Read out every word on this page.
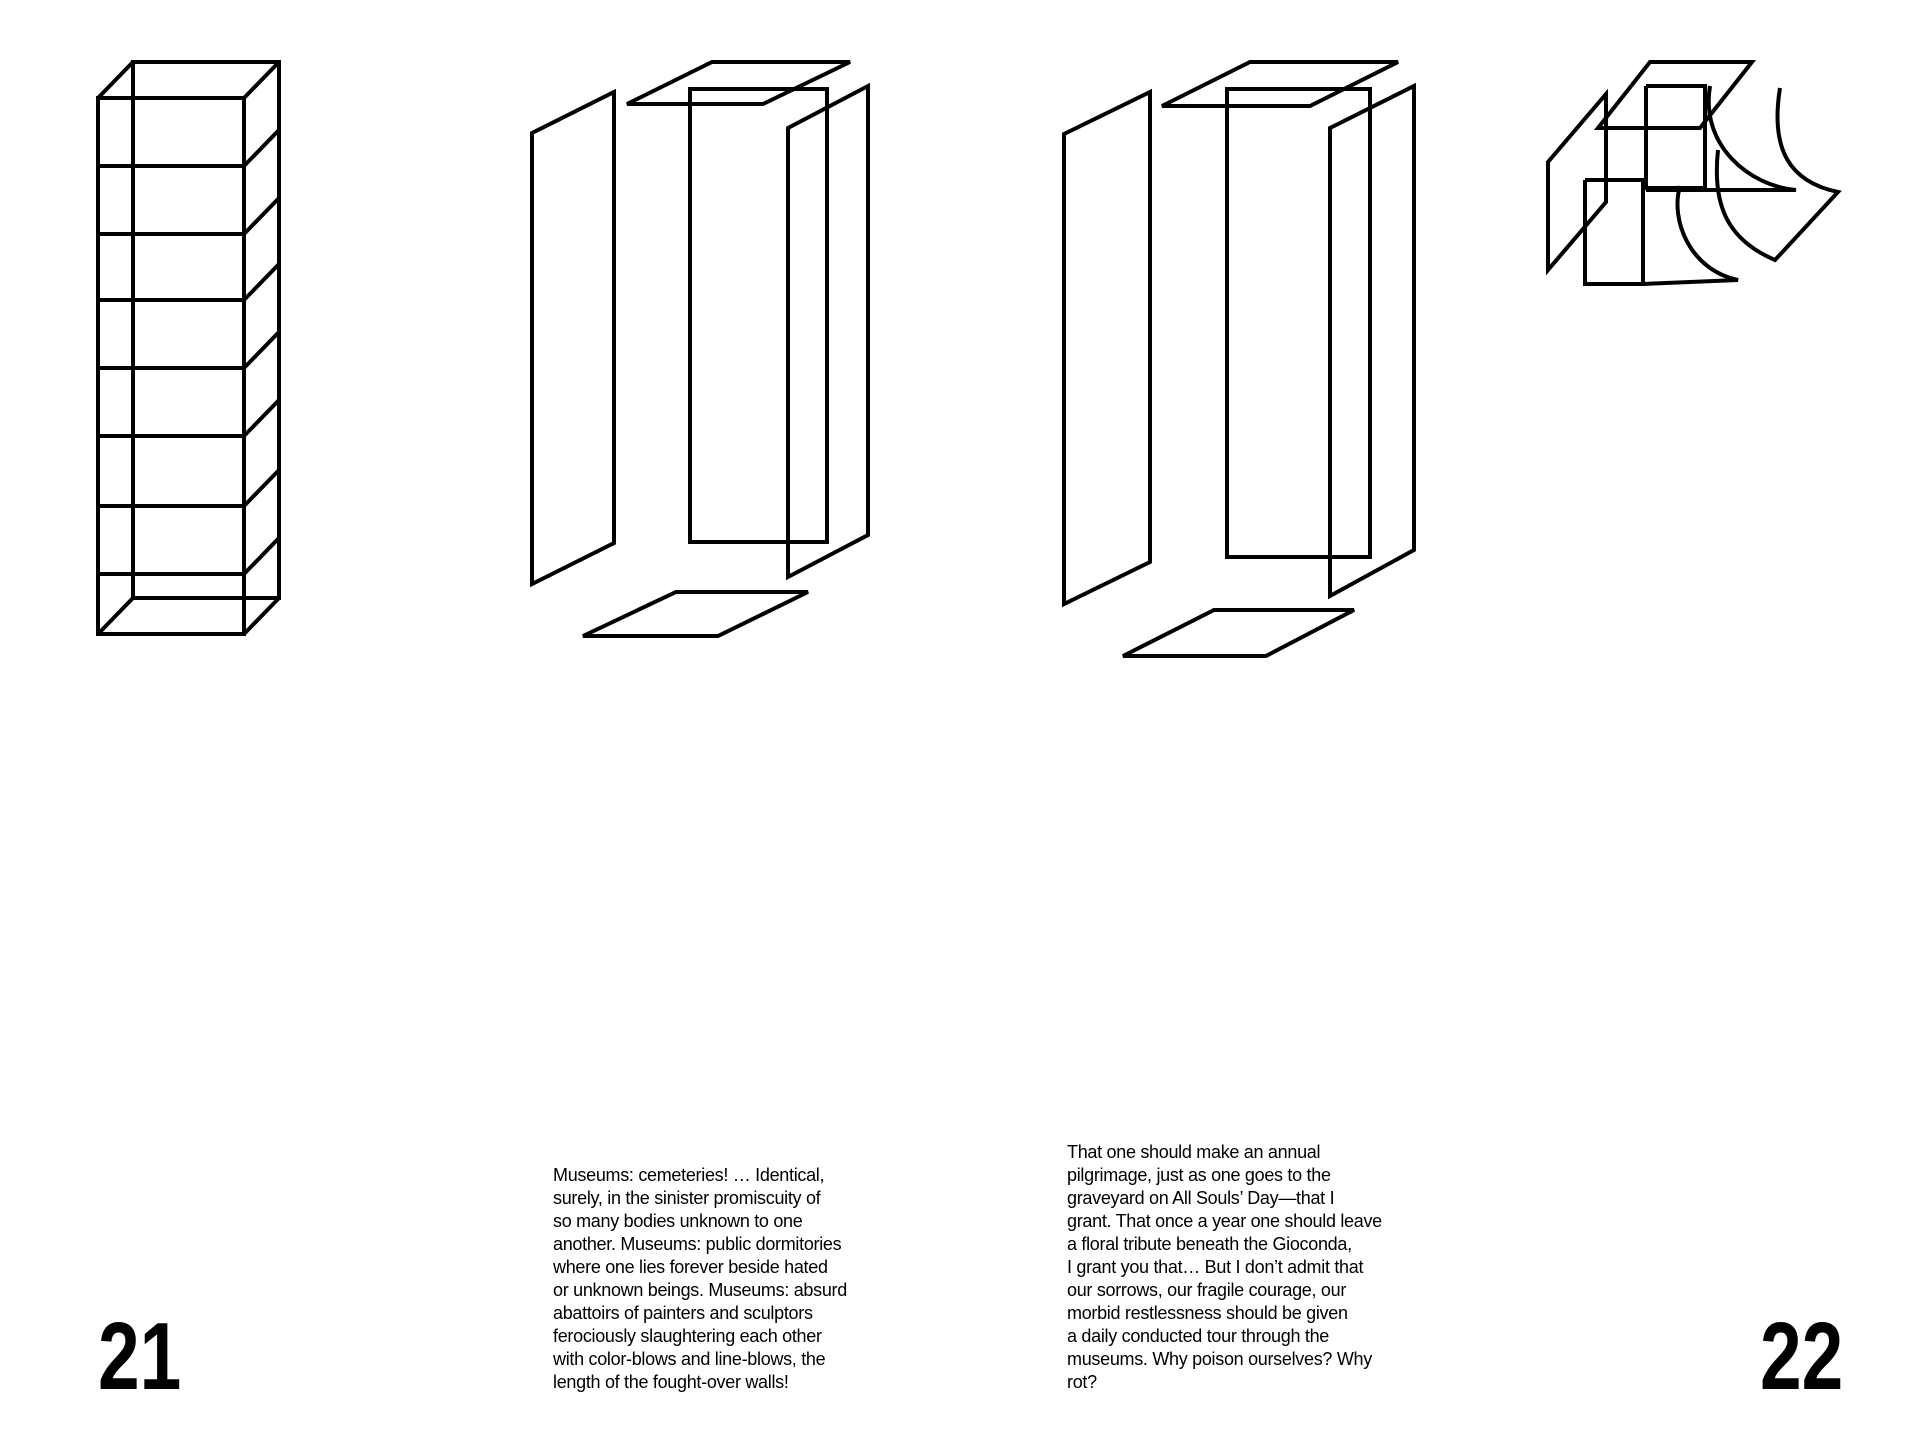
21

Museums: cemeteries! … Identical,
surely, in the sinister promiscuity of
so many bodies unknown to one
another. Museums: public dormitories
where one lies forever beside hated
or unknown beings. Museums: absurd
abattoirs of painters and sculptors
ferociously slaughtering each other
with color-blows and line-blows, the
length of the fought-over walls!

That one should make an annual
pilgrimage, just as one goes to the
graveyard on All Souls’ Day—that I
grant. That once a year one should leave
a floral tribute beneath the Gioconda,
I grant you that… But I don’t admit that
our sorrows, our fragile courage, our
morbid restlessness should be given
a daily conducted tour through the
museums. Why poison ourselves? Why
rot?	22
